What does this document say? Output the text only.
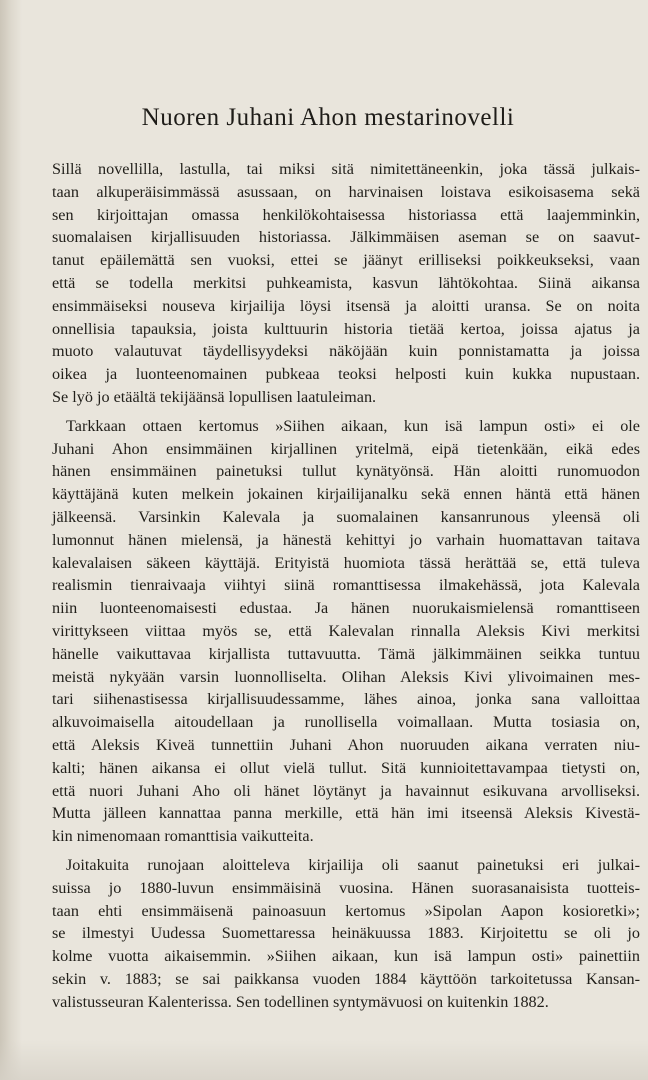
Nuoren Juhani Ahon mestarinovelli
Sillä novellilla, lastulla, tai miksi sitä nimitettäneenkin, joka tässä julkais-
taan alkuperäisimmässä asussaan, on harvinaisen loistava esikoisasema sekä
sen kirjoittajan omassa henkilökohtaisessa historiassa että laajemminkin,
suomalaisen kirjallisuuden historiassa. Jälkimmäisen aseman se on saavut-
tanut epäilemättä sen vuoksi, ettei se jäänyt erilliseksi poikkeukseksi, vaan
että se todella merkitsi puhkeamista, kasvun lähtökohtaa. Siinä aikansa
ensimmäiseksi nouseva kirjailija löysi itsensä ja aloitti uransa. Se on noita
onnellisia tapauksia, joista kulttuurin historia tietää kertoa, joissa ajatus ja
muoto valautuvat täydellisyydeksi näköjään kuin ponnistamatta ja joissa
oikea ja luonteenomainen pubkeaa teoksi helposti kuin kukka nupustaan.
Se lyö jo etäältä tekijäänsä lopullisen laatuleiman.
Tarkkaan ottaen kertomus »Siihen aikaan, kun isä lampun osti» ei ole
Juhani Ahon ensimmäinen kirjallinen yritelmä, eipä tietenkään, eikä edes
hänen ensimmäinen painetuksi tullut kynätyönsä. Hän aloitti runomuodon
käyttäjänä kuten melkein jokainen kirjailijanalku sekä ennen häntä että hänen
jälkeensä. Varsinkin Kalevala ja suomalainen kansanrunous yleensä oli
lumonnut hänen mielensä, ja hänestä kehittyi jo varhain huomattavan taitava
kalevalaisen säkeen käyttäjä. Erityistä huomiota tässä herättää se, että tuleva
realismin tienraivaaja viihtyi siinä romanttisessa ilmakehässä, jota Kalevala
niin luonteenomaisesti edustaa. Ja hänen nuorukaismielensä romanttiseen
virittykseen viittaa myös se, että Kalevalan rinnalla Aleksis Kivi merkitsi
hänelle vaikuttavaa kirjallista tuttavuutta. Tämä jälkimmäinen seikka tuntuu
meistä nykyään varsin luonnolliselta. Olihan Aleksis Kivi ylivoimainen mes-
tari siihenastisessa kirjallisuudessamme, lähes ainoa, jonka sana valloittaa
alkuvoimaisella aitoudellaan ja runollisella voimallaan. Mutta tosiasia on,
että Aleksis Kiveä tunnettiin Juhani Ahon nuoruuden aikana verraten niu-
kalti; hänen aikansa ei ollut vielä tullut. Sitä kunnioitettavampaa tietysti on,
että nuori Juhani Aho oli hänet löytänyt ja havainnut esikuvana arvolliseksi.
Mutta jälleen kannattaa panna merkille, että hän imi itseensä Aleksis Kivestä-
kin nimenomaan romanttisia vaikutteita.
Joitakuita runojaan aloitteleva kirjailija oli saanut painetuksi eri julkai-
suissa jo 1880-luvun ensimmäisinä vuosina. Hänen suorasanaisista tuotteis-
taan ehti ensimmäisenä painoasuun kertomus »Sipolan Aapon kosioretki»;
se ilmestyi Uudessa Suomettaressa heinäkuussa 1883. Kirjoitettu se oli jo
kolme vuotta aikaisemmin. »Siihen aikaan, kun isä lampun osti» painettiin
sekin v. 1883; se sai paikkansa vuoden 1884 käyttöön tarkoitetussa Kansan-
valistusseuran Kalenterissa. Sen todellinen syntymävuosi on kuitenkin 1882.
